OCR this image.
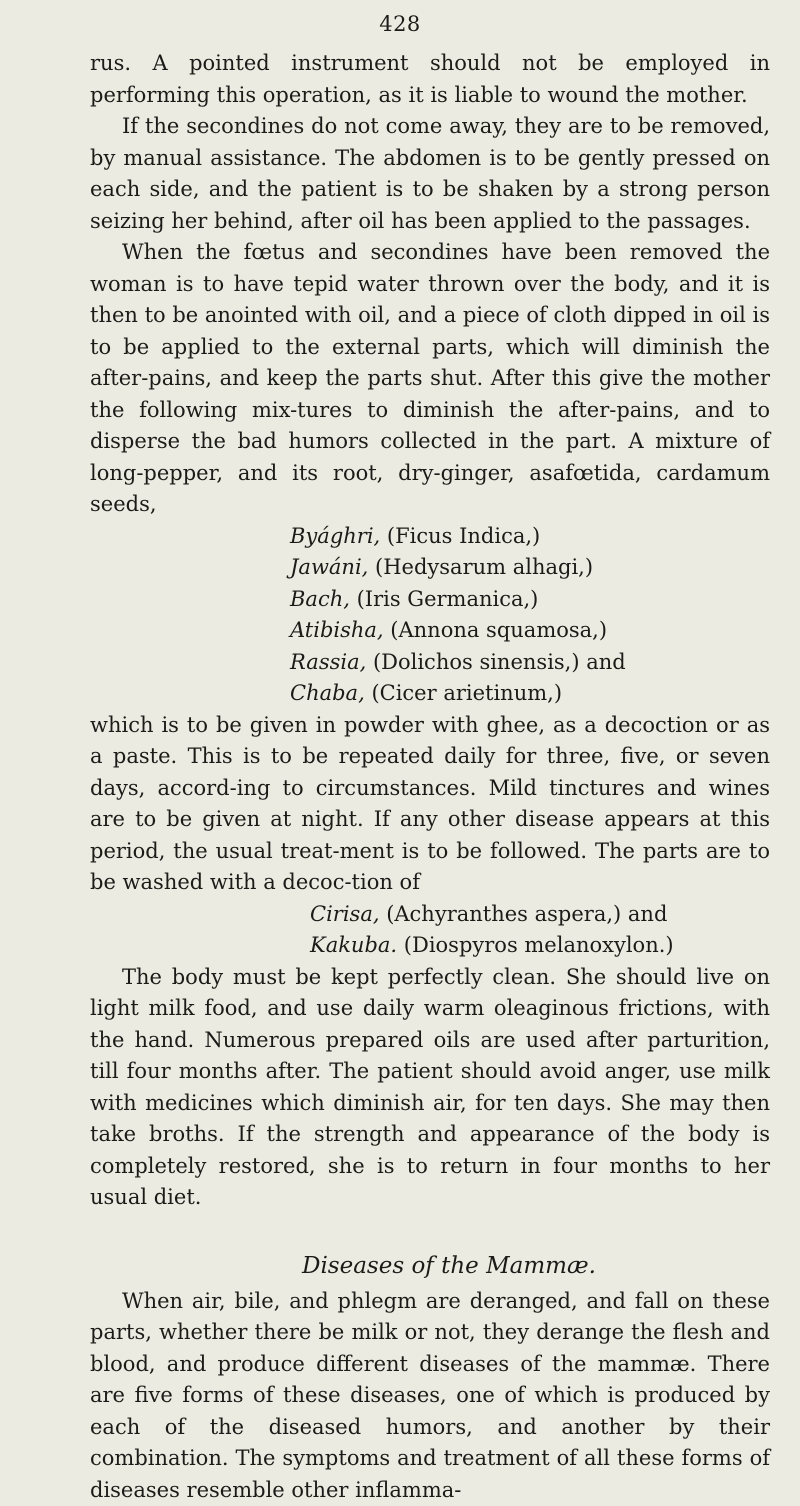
428

rus. A pointed instrument should not be employed in performing this operation, as it is liable to wound the mother.

If the secondines do not come away, they are to be removed, by manual assistance. The abdomen is to be gently pressed on each side, and the patient is to be shaken by a strong person seizing her behind, after oil has been applied to the passages.

When the fœtus and secondines have been removed the woman is to have tepid water thrown over the body, and it is then to be anointed with oil, and a piece of cloth dipped in oil is to be applied to the external parts, which will diminish the after-pains, and keep the parts shut. After this give the mother the following mix-tures to diminish the after-pains, and to disperse the bad humors collected in the part. A mixture of long-pepper, and its root, dry-ginger, asafœtida, cardamum seeds,

Byághri, (Ficus Indica,)
Jawáni, (Hedysarum alhagi,)
Bach, (Iris Germanica,)
Atibisha, (Annona squamosa,)
Rassia, (Dolichos sinensis,) and
Chaba, (Cicer arietinum,)

which is to be given in powder with ghee, as a decoction or as a paste. This is to be repeated daily for three, five, or seven days, accord-ing to circumstances. Mild tinctures and wines are to be given at night. If any other disease appears at this period, the usual treat-ment is to be followed. The parts are to be washed with a decoc-tion of

Cirisa, (Achyranthes aspera,) and
Kakuba. (Diospyros melanoxylon.)

The body must be kept perfectly clean. She should live on light milk food, and use daily warm oleaginous frictions, with the hand. Numerous prepared oils are used after parturition, till four months after. The patient should avoid anger, use milk with medicines which diminish air, for ten days. She may then take broths. If the strength and appearance of the body is completely restored, she is to return in four months to her usual diet.

Diseases of the Mammæ.

When air, bile, and phlegm are deranged, and fall on these parts, whether there be milk or not, they derange the flesh and blood, and produce different diseases of the mammæ. There are five forms of these diseases, one of which is produced by each of the diseased humors, and another by their combination. The symptoms and treatment of all these forms of diseases resemble other inflamma-
